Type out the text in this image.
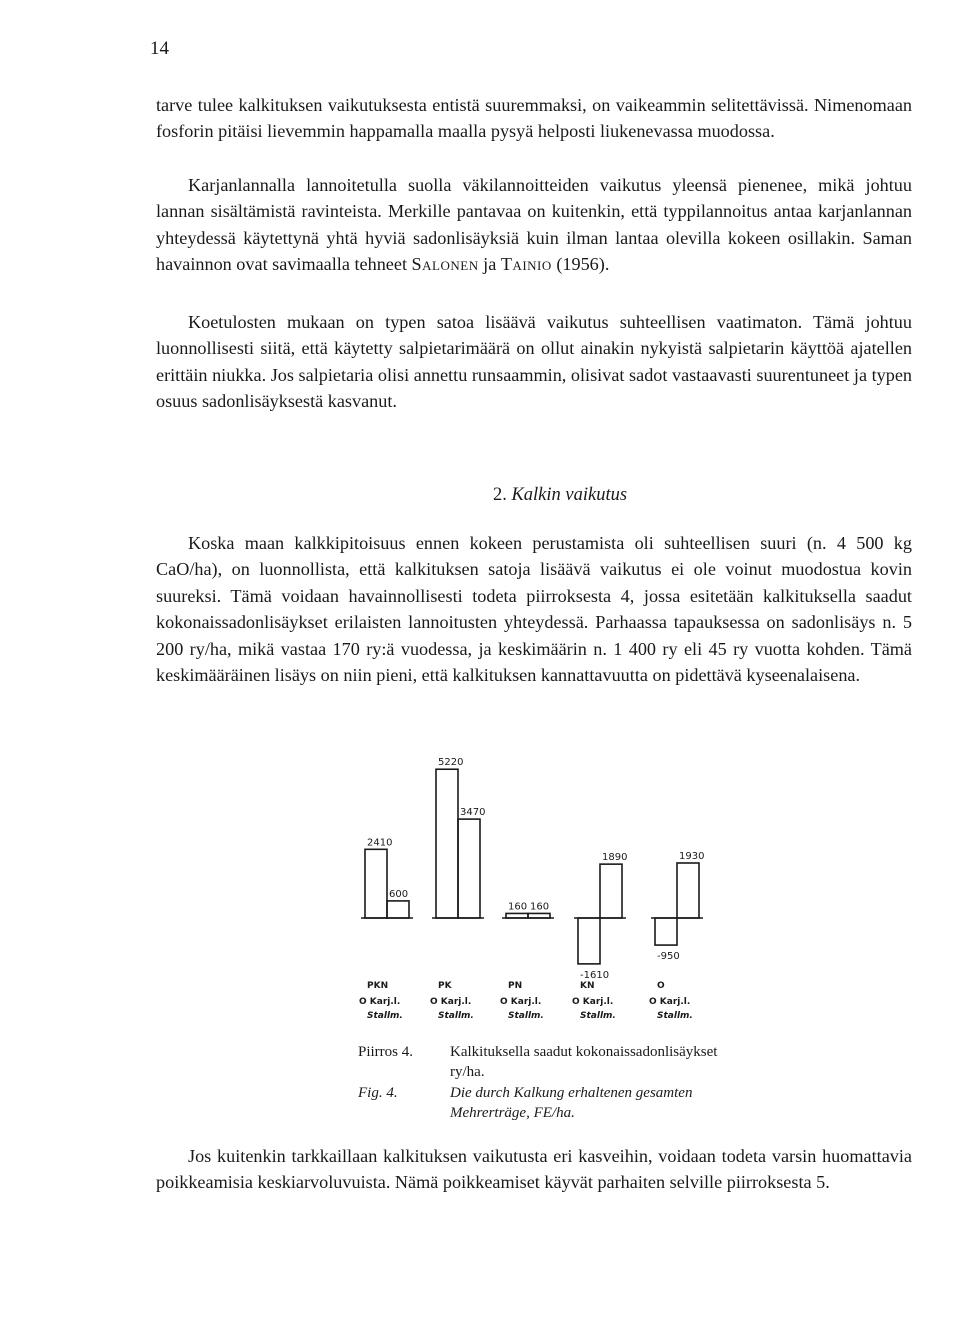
14

tarve tulee kalkituksen vaikutuksesta entistä suuremmaksi, on vaikeammin selitettävissä. Nimenomaan fosforin pitäisi lievemmin happamalla maalla pysyä helposti liukenevassa muodossa.

Karjanlannalla lannoitetulla suolla väkilannoitteiden vaikutus yleensä pienenee, mikä johtuu lannan sisältämistä ravinteista. Merkille pantavaa on kuitenkin, että typpilannoitus antaa karjanlannan yhteydessä käytettynä yhtä hyviä sadonlisäyksiä kuin ilman lantaa olevilla kokeen osillakin. Saman havainnon ovat savimaalla tehneet Salonen ja Tainio (1956).

Koetulosten mukaan on typen satoa lisäävä vaikutus suhteellisen vaatimaton. Tämä johtuu luonnollisesti siitä, että käytetty salpietarimäärä on ollut ainakin nykyistä salpietarin käyttöä ajatellen erittäin niukka. Jos salpietaria olisi annettu runsaammin, olisivat sadot vastaavasti suurentuneet ja typen osuus sadonlisäyksestä kasvanut.

2. Kalkin vaikutus

Koska maan kalkkipitoisuus ennen kokeen perustamista oli suhteellisen suuri (n. 4 500 kg CaO/ha), on luonnollista, että kalkituksen satoja lisäävä vaikutus ei ole voinut muodostua kovin suureksi. Tämä voidaan havainnollisesti todeta piirroksesta 4, jossa esitetään kalkituksella saadut kokonaissadonlisäykset erilaisten lannoitusten yhteydessä. Parhaassa tapauksessa on sadonlisäys n. 5 200 ry/ha, mikä vastaa 170 ry:ä vuodessa, ja keskimäärin n. 1 400 ry eli 45 ry vuotta kohden. Tämä keskimääräinen lisäys on niin pieni, että kalkituksen kannattavuutta on pidettävä kyseenalaisena.

2410
600
PKN
O Karj.l.
Stallm.
5220
3470
PK
O Karj.l.
Stallm.
160 160
PN
O Karj.l.
Stallm.
-1610
1890
KN
O Karj.l.
Stallm.
-950
1930
O
O Karj.l.
Stallm.
Piirros 4. Kalkituksella saadut kokonaissadonlisäykset ry/ha.
Fig. 4.	Die durch Kalkung erhaltenen gesamten Mehrerträge, FE/ha.

Jos kuitenkin tarkkaillaan kalkituksen vaikutusta eri kasveihin, voidaan todeta varsin huomattavia poikkeamisia keskiarvoluvuista. Nämä poikkeamiset käyvät parhaiten selville piirroksesta 5.
